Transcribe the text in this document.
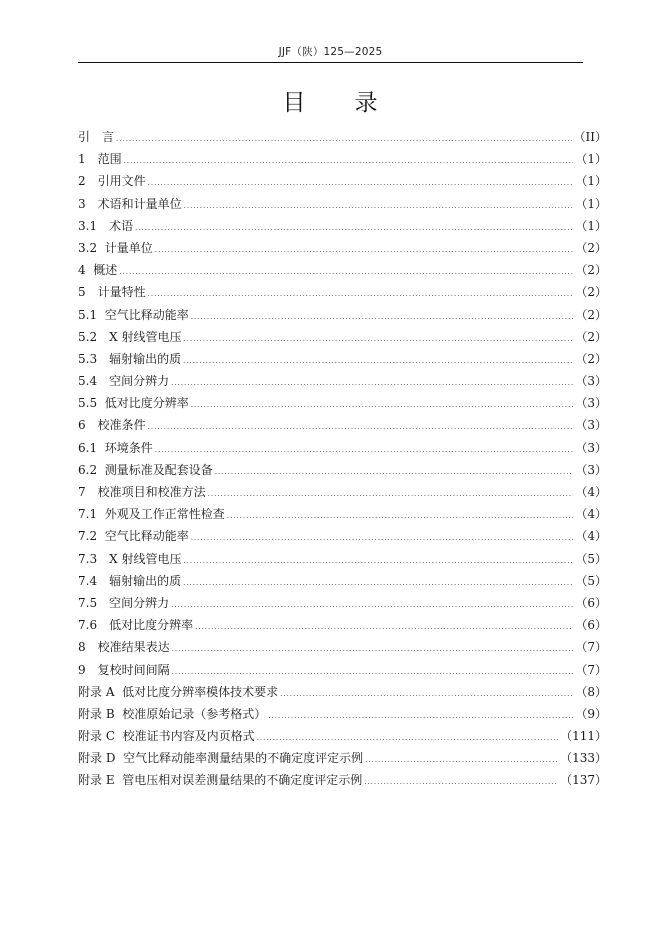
JJF（陕）125—2025
目　　录
引　言 .....	（II）
1　范围 .....	（1）
2　引用文件 .....	（1）
3　术语和计量单位 .....	（1）
3.1　术语 .....	（1）
3.2  计量单位 .....	（2）
4  概述 .....	（2）
5　计量特性 .....	（2）
5.1  空气比释动能率 .....	（2）
5.2　X 射线管电压 .....	（2）
5.3　辐射输出的质 .....	（2）
5.4　空间分辨力 .....	（3）
5.5  低对比度分辨率 .....	（3）
6　校准条件 .....	（3）
6.1  环境条件 .....	（3）
6.2  测量标准及配套设备 .....	（3）
7　校准项目和校准方法 .....	（4）
7.1  外观及工作正常性检查 .....	（4）
7.2  空气比释动能率 .....	（4）
7.3　X 射线管电压 .....	（5）
7.4　辐射输出的质 .....	（5）
7.5　空间分辨力 .....	（6）
7.6　低对比度分辨率 .....	（6）
8　校准结果表达 .....	（7）
9　复校时间间隔 .....	（7）
附录 A  低对比度分辨率模体技术要求 .....	（8）
附录 B  校准原始记录（参考格式） .....	（9）
附录 C  校准证书内容及内页格式 .....	（111）
附录 D  空气比释动能率测量结果的不确定度评定示例 .....	（133）
附录 E  管电压相对误差测量结果的不确定度评定示例 .....	（137）
